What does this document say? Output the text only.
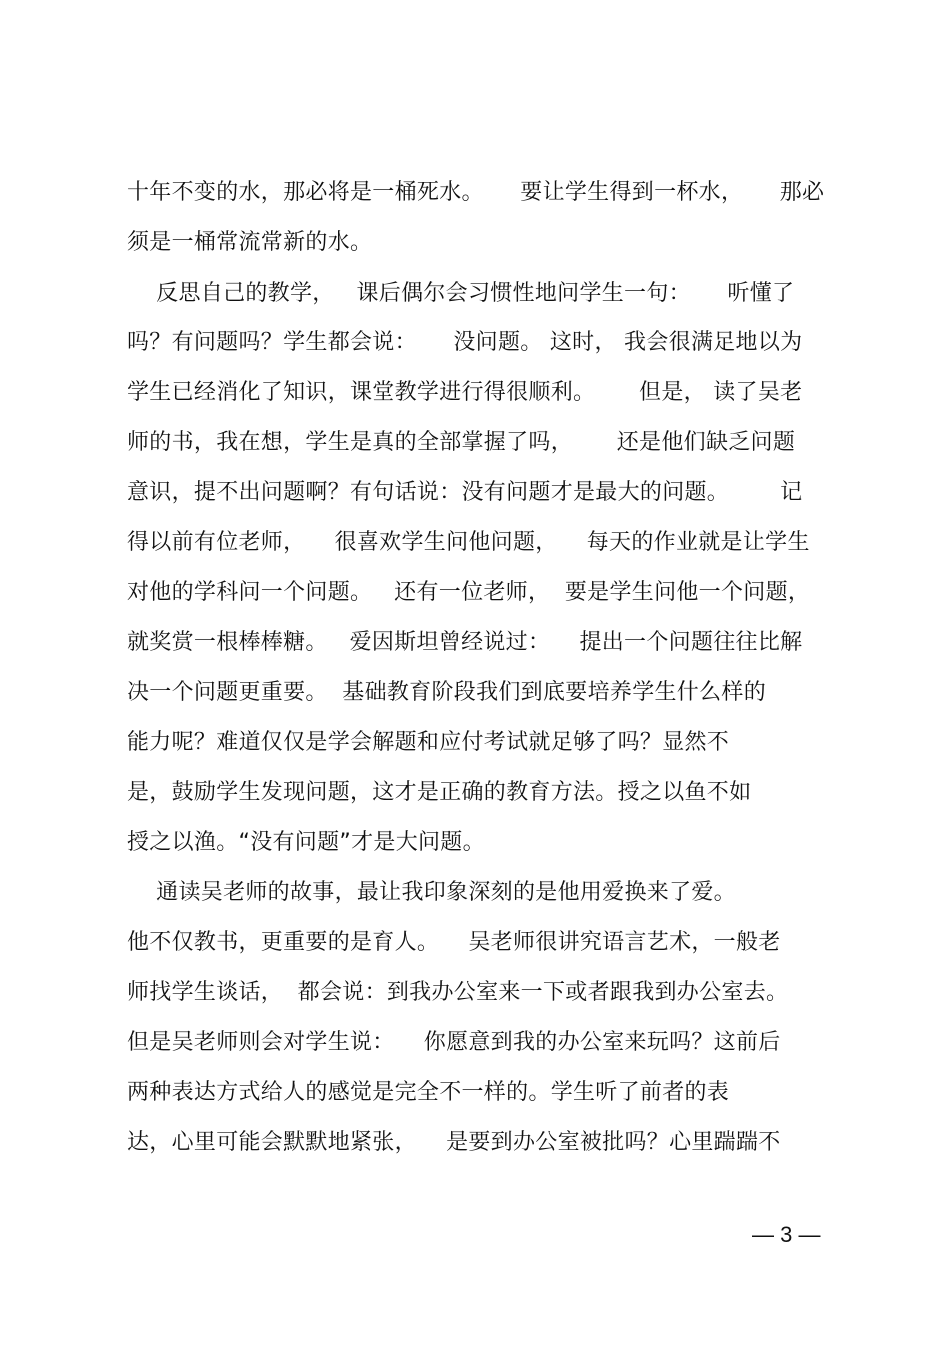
十年不变的水，那必将是一桶死水。     要让学生得到一杯水，     那必
须是一桶常流常新的水。
反思自己的教学，   课后偶尔会习惯性地问学生一句：     听懂了
吗？有问题吗？学生都会说：     没问题。 这时， 我会很满足地以为
学生已经消化了知识，课堂教学进行得很顺利。      但是， 读了吴老
师的书，我在想，学生是真的全部掌握了吗，      还是他们缺乏问题
意识，提不出问题啊？有句话说：没有问题才是最大的问题。       记
得以前有位老师，    很喜欢学生问他问题，    每天的作业就是让学生
对他的学科问一个问题。   还有一位老师，  要是学生问他一个问题，
就奖赏一根棒棒糖。   爱因斯坦曾经说过：    提出一个问题往往比解
决一个问题更重要。  基础教育阶段我们到底要培养学生什么样的
能力呢？难道仅仅是学会解题和应付考试就足够了吗？显然不
是，鼓励学生发现问题，这才是正确的教育方法。授之以鱼不如
授之以渔。“没有问题”才是大问题。
通读吴老师的故事，最让我印象深刻的是他用爱换来了爱。
他不仅教书，更重要的是育人。    吴老师很讲究语言艺术，一般老
师找学生谈话，  都会说：到我办公室来一下或者跟我到办公室去。
但是吴老师则会对学生说：    你愿意到我的办公室来玩吗？这前后
两种表达方式给人的感觉是完全不一样的。学生听了前者的表
达，心里可能会默默地紧张，    是要到办公室被批吗？心里踹踹不
— 3 —
